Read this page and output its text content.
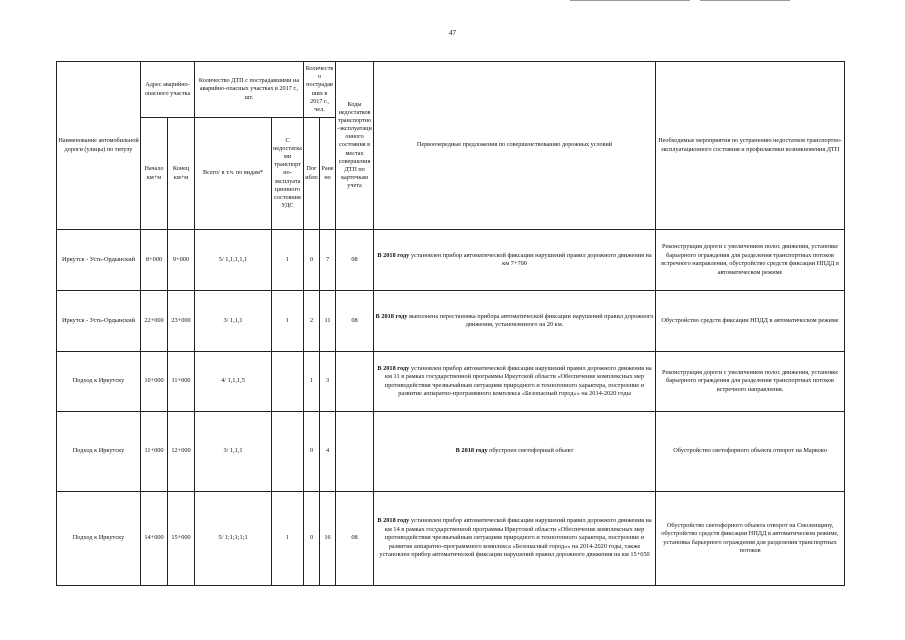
47
Наименование автомобильной дороги (улицы) по титулу	Адрес аварийно-опасного участка		Количество ДТП с пострадавшими на аварийно-опасных участках в 2017 г., шт.		Количество пострадавших в 2017 г., чел.		Коды недостатков транспортно-эксплуатационного состояния в местах совершения ДТП по карточкам учета	Первоочередные предложения по совершенствованию дорожных условий	Необходимые мероприятия по устранению недостатков транспортно-эксплуатационного состояния и профилактики возникновения ДТП
	Начало км+м	Конец км+м	Всего/ в т.ч. по видам*	С недостатками транспортно-эксплуатационного состояния УДС	Погибло	Ранено			
Иркутск - Усть-Ордынский	8+000	9+000	5/ 1,1,1,1,1	1	0	7	08	В 2018 году установлен прибор автоматической фиксации нарушений правил дорожного движения на км 7+700	Реконструкция дороги с увеличением полос движения, установке барьерного ограждения для разделения транспортных потоков встречного направления, обустройство средств фиксации НПДД в автоматическом режиме
Иркутск - Усть-Ордынский	22+000	23+000	3/ 1,1,1	1	2	11	08	В 2018 году выполнена перестановка прибора автоматической фиксации нарушений правил дорожного движения, установленного на 20 км.	Обустройство средств фиксации НПДД в автоматическом режиме
Подход к Иркутску	10+000	11+000	4/ 1,1,1,5		1	3		В 2018 году установлен прибор автоматической фиксации нарушений правил дорожного движения на км 11 в рамках государственной программы Иркутской области «Обеспечение комплексных мер противодействия чрезвычайным ситуациям природного и техногенного характера, построение и развитие аппаратно-программного комплекса «Безопасный город»» на 2014-2020 годы	Реконструкция дороги с увеличением полос движения, установке барьерного ограждения для разделения транспортных потоков встречного направления.
Подход к Иркутску	11+000	12+000	3/ 1,1,1		0	4		В 2018 году обустроен светофорный объект	Обустройство светофорного объекта отворот на Марково
Подход к Иркутску	14+000	15+000	5/ 1;1;1;1;1	1	0	16	08	В 2018 году установлен прибор автоматической фиксации нарушений правил дорожного движения на км 14 в рамках государственной программы Иркутской области «Обеспечение комплексных мер противодействия чрезвычайным ситуациям природного и техногенного характера, построение и развитие аппаратно-программного комплекса «Безопасный город»» на 2014-2020 годы, также установлен прибор автоматической фиксации нарушений правил дорожного движения на км 15+650	Обустройство светофорного объекта отворот на Смоленщину, обустройство средств фиксации НПДД в автоматическом режиме, установка барьерного ограждения для разделения транспортных потоков
